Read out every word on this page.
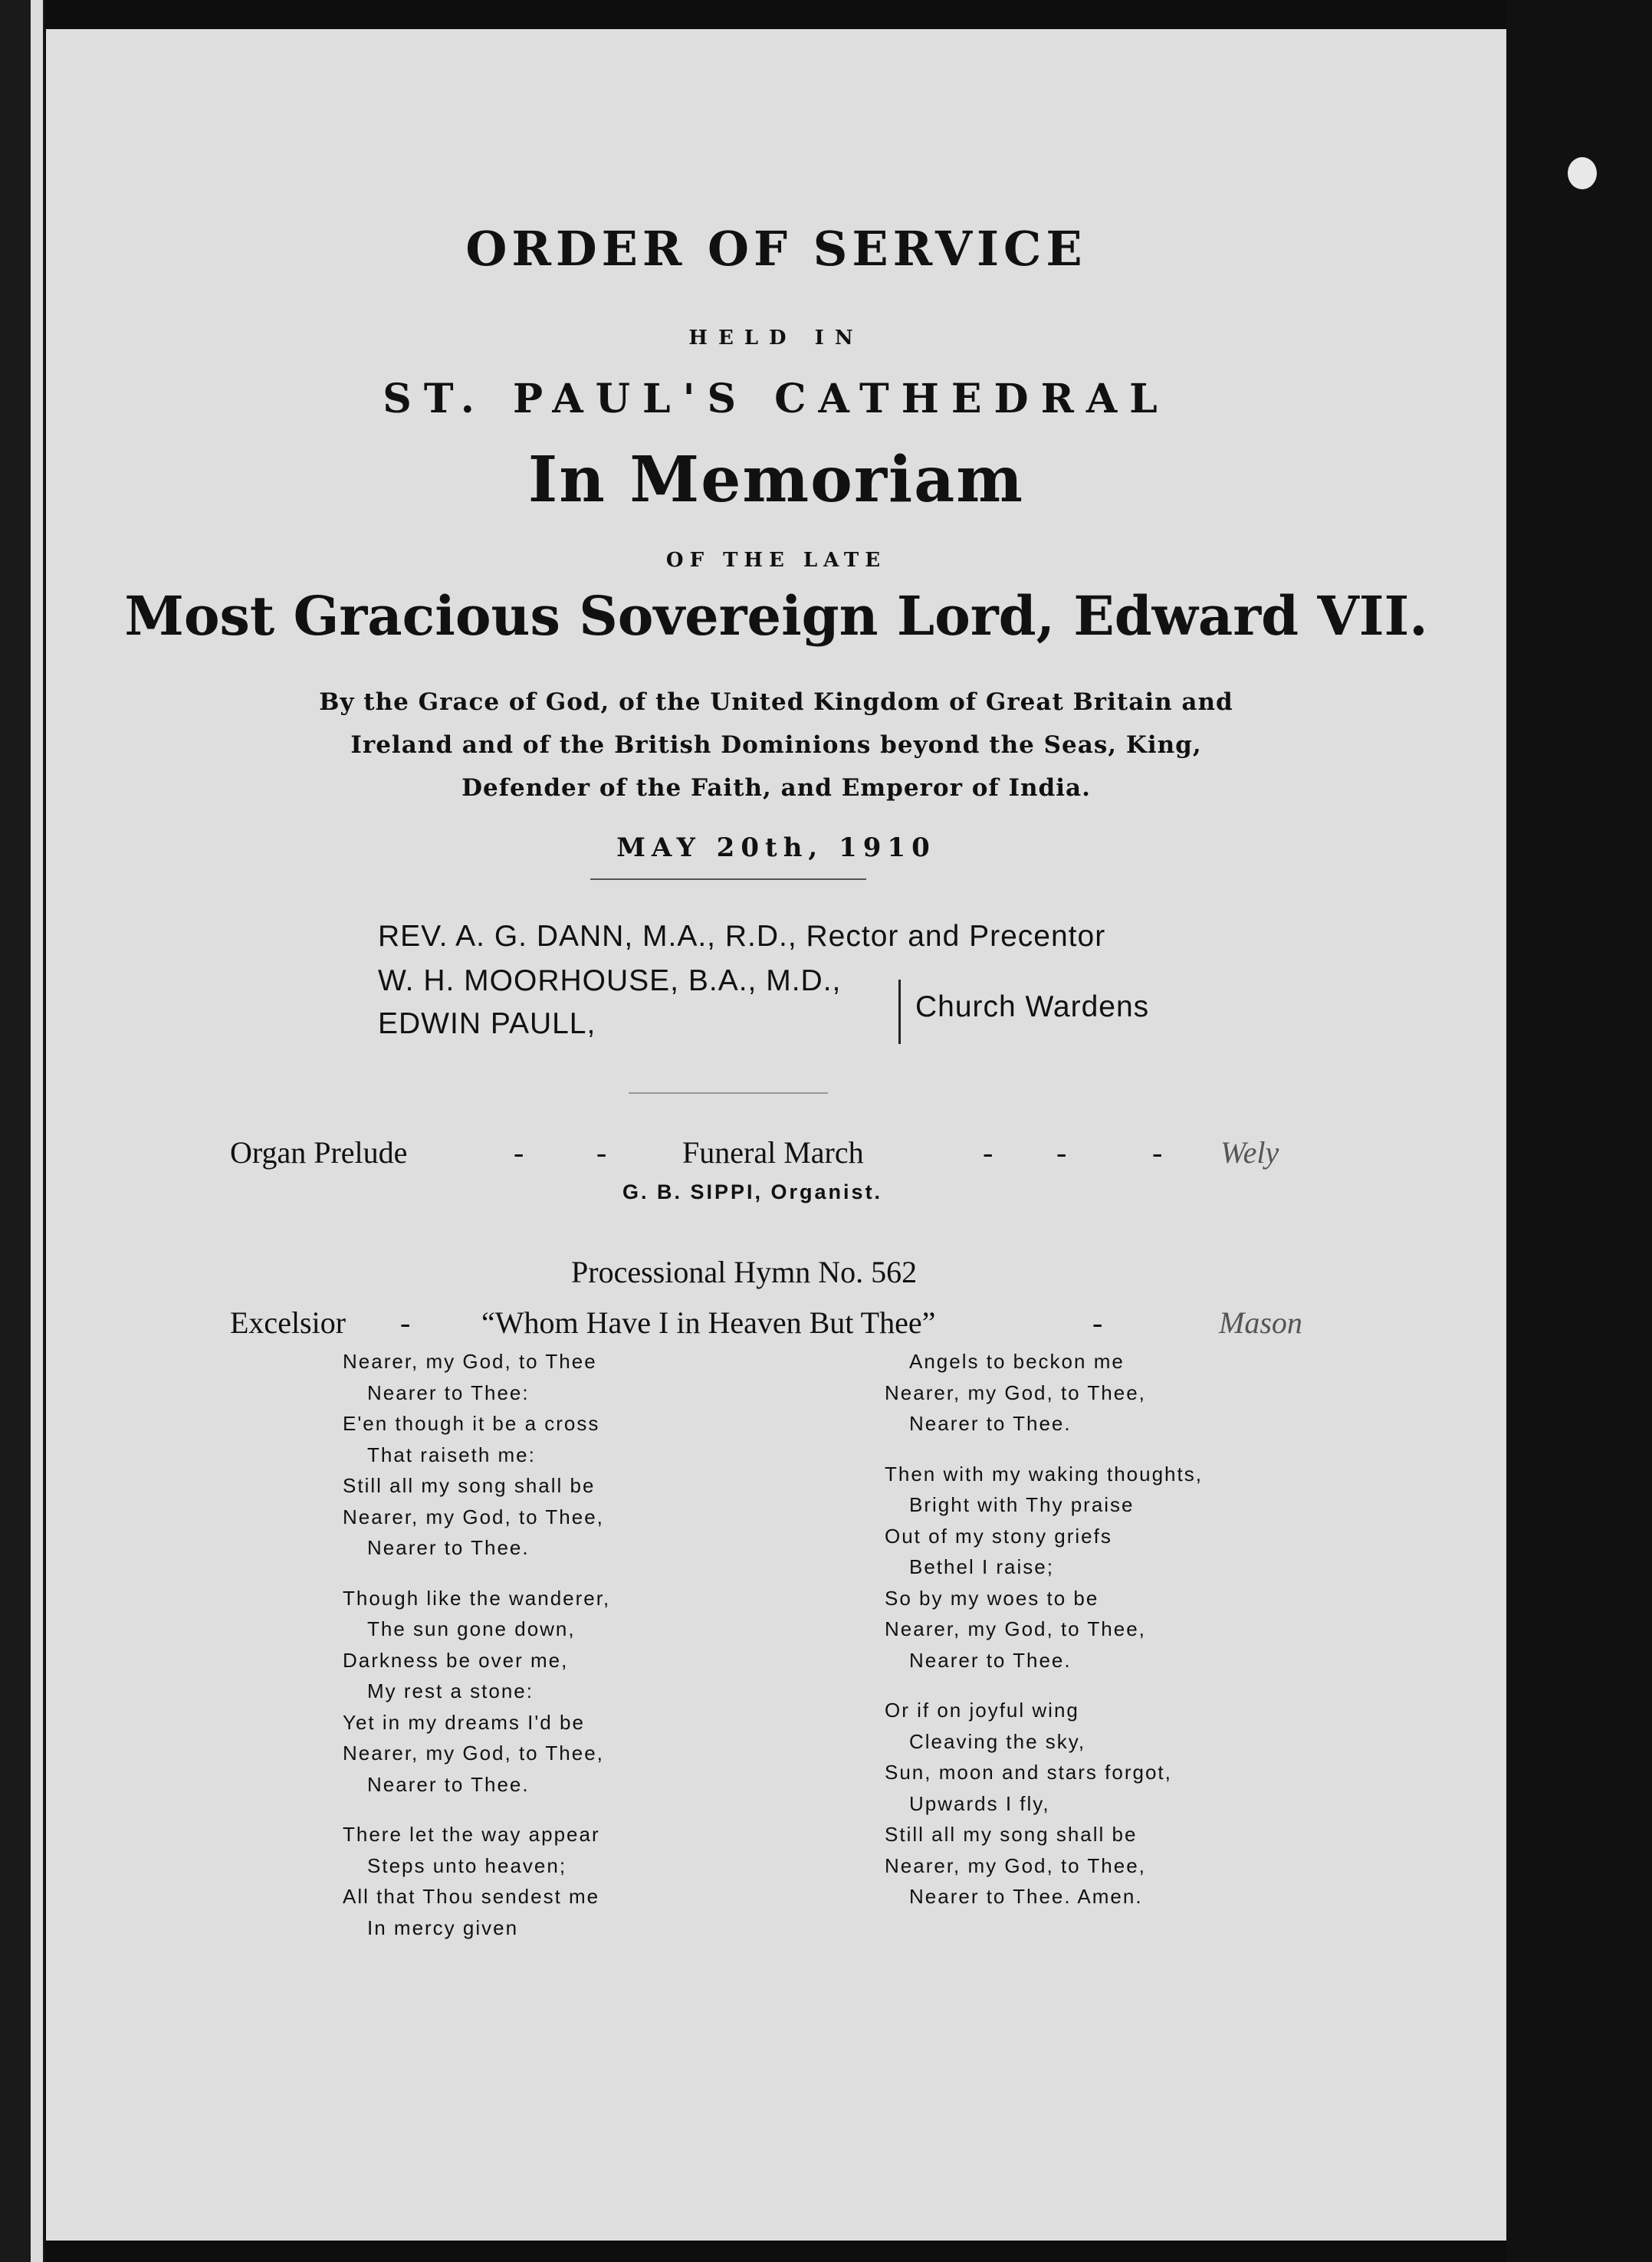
ORDER OF SERVICE
HELD IN
ST. PAUL'S CATHEDRAL
In Memoriam
OF THE LATE
Most Gracious Sovereign Lord, Edward VII.
By the Grace of God, of the United Kingdom of Great Britain and
Ireland and of the British Dominions beyond the Seas, King,
Defender of the Faith, and Emperor of India.
MAY 20th, 1910
REV. A. G. DANN, M.A., R.D., Rector and Precentor
W. H. MOORHOUSE, B.A., M.D.,
EDWIN PAULL,
Church Wardens
Organ Prelude	- - Funeral March	- -	- Wely
G. B. SIPPI, Organist.
Processional Hymn No. 562
Excelsior - “Whom Have I in Heaven But Thee”	-	Mason
Nearer, my God, to Thee
Nearer to Thee:
E'en though it be a cross
That raiseth me:
Still all my song shall be
Nearer, my God, to Thee,
Nearer to Thee.
Though like the wanderer,
The sun gone down,
Darkness be over me,
My rest a stone:
Yet in my dreams I'd be
Nearer, my God, to Thee,
Nearer to Thee.
There let the way appear
Steps unto heaven;
All that Thou sendest me
In mercy given
Angels to beckon me
Nearer, my God, to Thee,
Nearer to Thee.
Then with my waking thoughts,
Bright with Thy praise
Out of my stony griefs
Bethel I raise;
So by my woes to be
Nearer, my God, to Thee,
Nearer to Thee.
Or if on joyful wing
Cleaving the sky,
Sun, moon and stars forgot,
Upwards I fly,
Still all my song shall be
Nearer, my God, to Thee,
Nearer to Thee. Amen.
